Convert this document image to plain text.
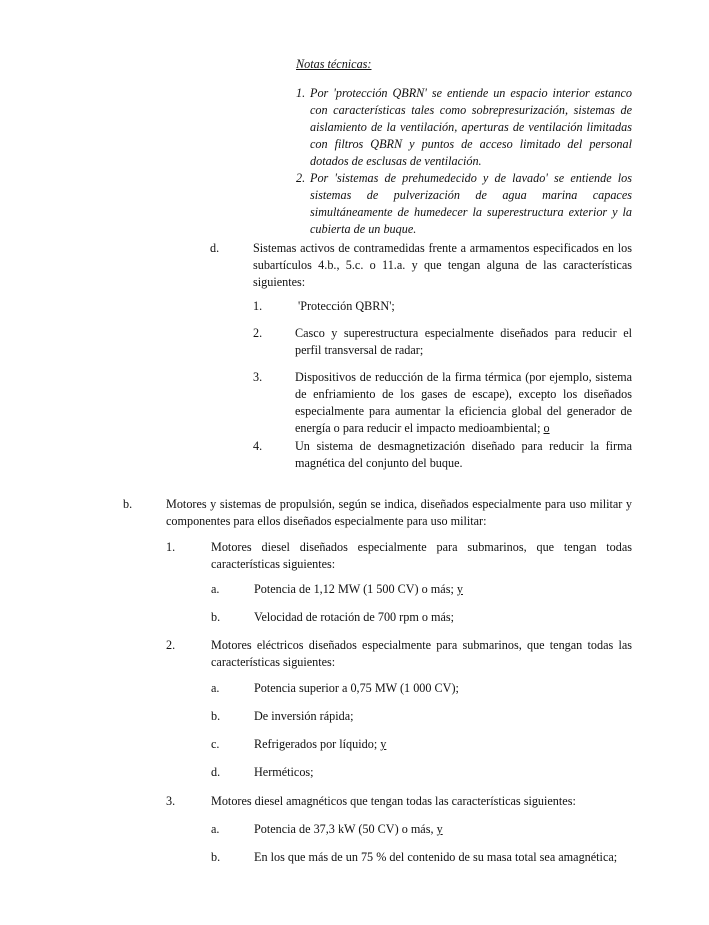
Notas técnicas:
1. Por 'protección QBRN' se entiende un espacio interior estanco con características tales como sobrepresurización, sistemas de aislamiento de la ventilación, aperturas de ventilación limitadas con filtros QBRN y puntos de acceso limitado del personal dotados de esclusas de ventilación.
2. Por 'sistemas de prehumedecido y de lavado' se entiende los sistemas de pulverización de agua marina capaces simultáneamente de humedecer la superestructura exterior y la cubierta de un buque.
d.	Sistemas activos de contramedidas frente a armamentos especificados en los subartículos 4.b., 5.c. o 11.a. y que tengan alguna de las características siguientes:
1.	'Protección QBRN';
2.	Casco y superestructura especialmente diseñados para reducir el perfil transversal de radar;
3.	Dispositivos de reducción de la firma térmica (por ejemplo, sistema de enfriamiento de los gases de escape), excepto los diseñados especialmente para aumentar la eficiencia global del generador de energía o para reducir el impacto medioambiental; o
4.	Un sistema de desmagnetización diseñado para reducir la firma magnética del conjunto del buque.
b.	Motores y sistemas de propulsión, según se indica, diseñados especialmente para uso militar y componentes para ellos diseñados especialmente para uso militar:
1.	Motores diesel diseñados especialmente para submarinos, que tengan todas características siguientes:
a.	Potencia de 1,12 MW (1 500 CV) o más; y
b.	Velocidad de rotación de 700 rpm o más;
2.	Motores eléctricos diseñados especialmente para submarinos, que tengan todas las características siguientes:
a.	Potencia superior a 0,75 MW (1 000 CV);
b.	De inversión rápida;
c.	Refrigerados por líquido; y
d.	Herméticos;
3.	Motores diesel amagnéticos que tengan todas las características siguientes:
a.	Potencia de 37,3 kW (50 CV) o más, y
b.	En los que más de un 75 % del contenido de su masa total sea amagnética;
